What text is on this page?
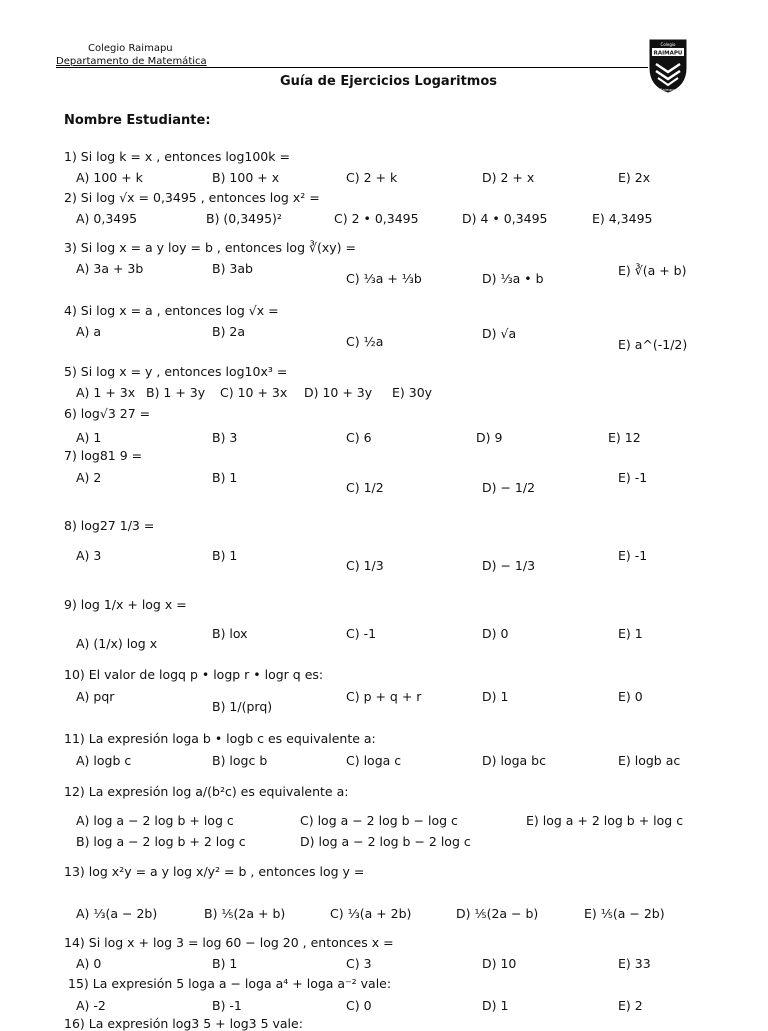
Colegio Raimapu
Departamento de Matemática
Colegio
RAIMAPU
Raimapu
Guía de Ejercicios Logaritmos
Nombre Estudiante:
1) Si log k = x , entonces log100k =
A) 100 + k	B) 100 + x	C) 2 + k	D) 2 + x	E) 2x
2) Si log √x = 0,3495 , entonces log x² =
A) 0,3495	B) (0,3495)²	C) 2 • 0,3495	D) 4 • 0,3495	E) 4,3495
3) Si log x = a y loy = b , entonces log ∛(xy) =
A) 3a + 3b	B) 3ab
C) ⅓a + ⅓b	D) ⅓a • b
E) ∛(a + b)
4) Si log x = a , entonces log √x =
A) a	B) 2a
C) ½a
D) √a
E) a^(-1/2)
5) Si log x = y , entonces log10x³ =
A) 1 + 3x B) 1 + 3y C) 10 + 3x D) 10 + 3y E) 30y
6) log√3 27 =
A) 1	B) 3	C) 6	D) 9	E) 12
7) log81 9 =
A) 2	B) 1
C) 1/2	D) − 1/2
E) -1
8) log27 1/3 =
A) 3	B) 1
C) 1/3	D) − 1/3
E) -1
9) log 1/x + log x =
A) (1/x) log x
B) lox	C) -1	D) 0	E) 1
10) El valor de logq p • logp r • logr q es:
A) pqr
B) 1/(prq)
C) p + q + r	D) 1	E) 0
11) La expresión loga b • logb c es equivalente a:
A) logb c	B) logc b	C) loga c	D) loga bc	E) logb ac
12) La expresión log a/(b²c) es equivalente a:
A) log a − 2 log b + log c
B) log a − 2 log b + 2 log c
C) log a − 2 log b − log c
D) log a − 2 log b − 2 log c
E) log a + 2 log b + log c
13) log x²y = a y log x/y² = b , entonces log y =
A) ⅓(a − 2b)	B) ⅕(2a + b)	C) ⅓(a + 2b)	D) ⅕(2a − b)	E) ⅕(a − 2b)
14) Si log x + log 3 = log 60 − log 20 , entonces x =
A) 0	B) 1	C) 3	D) 10	E) 33
15) La expresión 5 loga a − loga a⁴ + loga a⁻² vale:
A) -2	B) -1	C) 0	D) 1	E) 2
16) La expresión log3 5 + log3 5 vale:
